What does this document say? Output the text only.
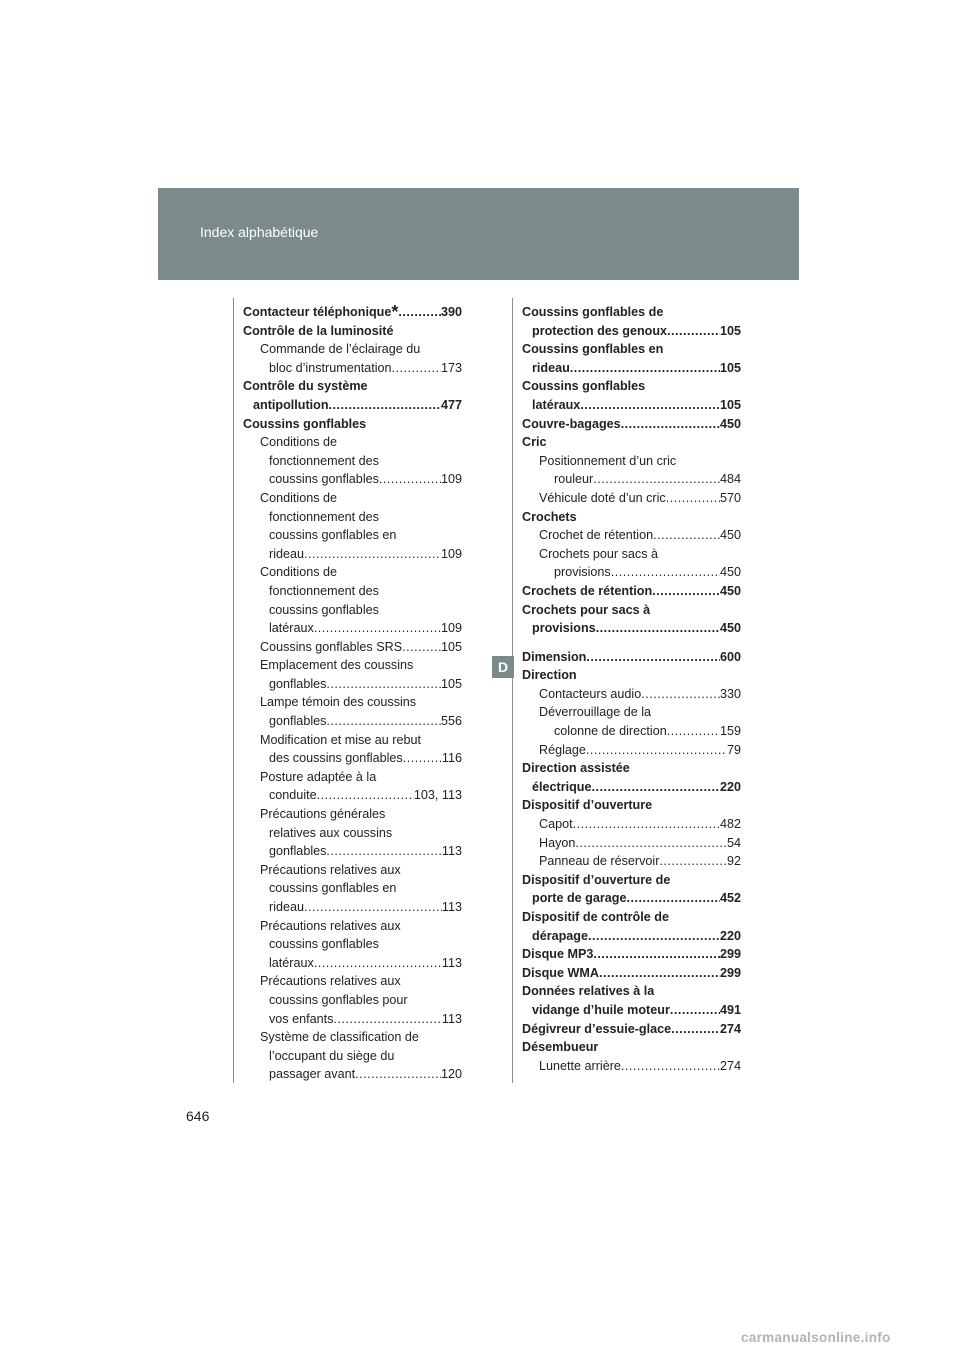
Index alphabétique
Contacteur téléphonique * .....	390
Contrôle de la luminosité
Commande de l’éclairage du
bloc d’instrumentation .....	173
Contrôle du système
antipollution .....	477
Coussins gonflables
Conditions de
fonctionnement des
coussins gonflables .....	109
Conditions de
fonctionnement des
coussins gonflables en
rideau .....	109
Conditions de
fonctionnement des
coussins gonflables
latéraux .....	109
Coussins gonflables SRS .....	105
Emplacement des coussins
gonflables .....	105
Lampe témoin des coussins
gonflables .....	556
Modification et mise au rebut
des coussins gonflables .....	116
Posture adaptée à la
conduite .....	103, 113
Précautions générales
relatives aux coussins
gonflables .....	113
Précautions relatives aux
coussins gonflables en
rideau .....	113
Précautions relatives aux
coussins gonflables
latéraux .....	113
Précautions relatives aux
coussins gonflables pour
vos enfants .....	113
Système de classification de
l’occupant du siège du
passager avant .....	120
Coussins gonflables de
protection des genoux .....	105
Coussins gonflables en
rideau .....	105
Coussins gonflables
latéraux .....	105
Couvre-bagages .....	450
Cric
Positionnement d’un cric
rouleur .....	484
Véhicule doté d’un cric .....	570
Crochets
Crochet de rétention .....	450
Crochets pour sacs à
provisions .....	450
Crochets de rétention .....	450
Crochets pour sacs à
provisions .....	450
Dimension .....	600
Direction
Contacteurs audio .....	330
Déverrouillage de la
colonne de direction .....	159
Réglage .....	79
Direction assistée
électrique .....	220
Dispositif d’ouverture
Capot .....	482
Hayon .....	54
Panneau de réservoir .....	92
Dispositif d’ouverture de
porte de garage .....	452
Dispositif de contrôle de
dérapage .....	220
Disque MP3 .....	299
Disque WMA .....	299
Données relatives à la
vidange d’huile moteur .....	491
Dégivreur d’essuie-glace .....	274
Désembueur
Lunette arrière .....	274
D
646
carmanualsonline.info
